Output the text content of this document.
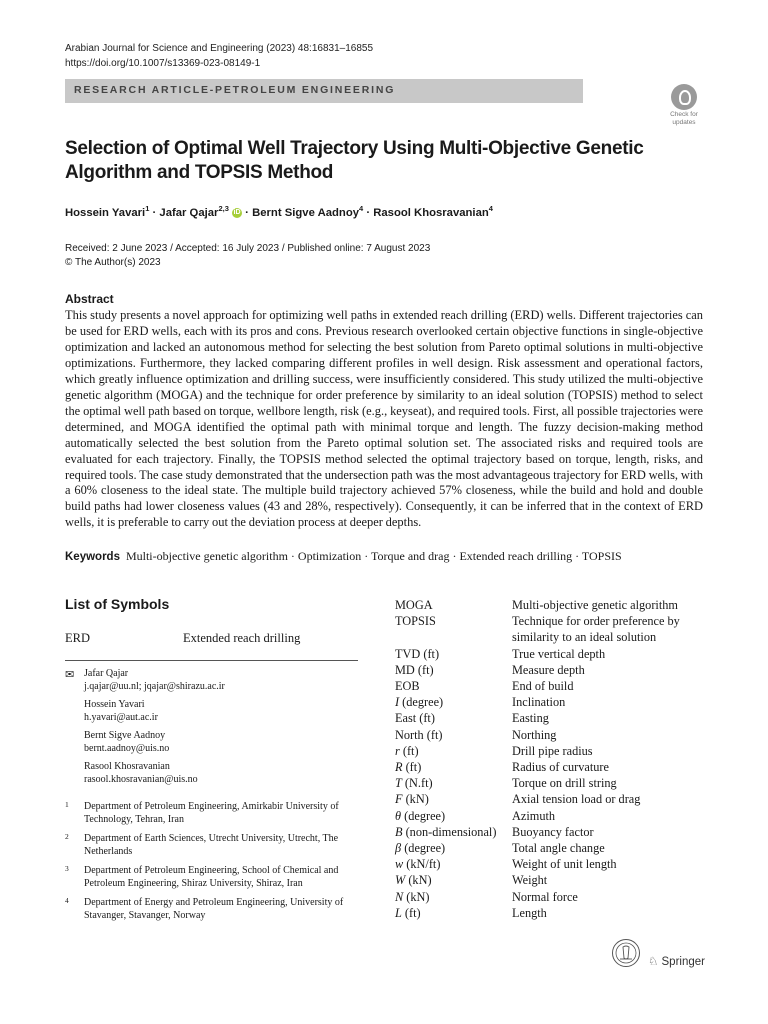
Arabian Journal for Science and Engineering (2023) 48:16831–16855
https://doi.org/10.1007/s13369-023-08149-1
RESEARCH ARTICLE-PETROLEUM ENGINEERING
Check for
updates
Selection of Optimal Well Trajectory Using Multi-Objective Genetic Algorithm and TOPSIS Method
Hossein Yavari$^1$ · Jafar Qajar$^{2,3}$ iD · Bernt Sigve Aadnoy$^4$ · Rasool Khosravanian$^4$
Received: 2 June 2023 / Accepted: 16 July 2023 / Published online: 7 August 2023
© The Author(s) 2023
Abstract
This study presents a novel approach for optimizing well paths in extended reach drilling (ERD) wells. Different trajectories can be used for ERD wells, each with its pros and cons. Previous research overlooked certain objective functions in single-objective optimization and lacked an autonomous method for selecting the best solution from Pareto optimal solutions in multi-objective optimizations. Furthermore, they lacked comparing different profiles in well design. Risk assessment and operational factors, which greatly influence optimization and drilling success, were insufficiently considered. This study utilized the multi-objective genetic algorithm (MOGA) and the technique for order preference by similarity to an ideal solution (TOPSIS) method to select the optimal well path based on torque, wellbore length, risk (e.g., keyseat), and required tools. First, all possible trajectories were determined, and MOGA identified the optimal path with minimal torque and length. The fuzzy decision-making method automatically selected the best solution from the Pareto optimal solution set. The associated risks and required tools are evaluated for each trajectory. Finally, the TOPSIS method selected the optimal trajectory based on torque, length, risks, and required tools. The case study demonstrated that the undersection path was the most advantageous trajectory for ERD wells, with a 60% closeness to the ideal state. The multiple build trajectory achieved 57% closeness, while the build and hold and double build paths had lower closeness values (43 and 28%, respectively). Consequently, it can be inferred that in the context of ERD wells, it is preferable to carry out the deviation process at deeper depths.
Keywords Multi-objective genetic algorithm · Optimization · Torque and drag · Extended reach drilling · TOPSIS
List of Symbols
ERD	Extended reach drilling
✉ Jafar Qajar
j.qajar@uu.nl; jqajar@shirazu.ac.ir
Hossein Yavari
h.yavari@aut.ac.ir
Bernt Sigve Aadnoy
bernt.aadnoy@uis.no
Rasool Khosravanian
rasool.khosravanian@uis.no
1 Department of Petroleum Engineering, Amirkabir University of Technology, Tehran, Iran
2 Department of Earth Sciences, Utrecht University, Utrecht, The Netherlands
3 Department of Petroleum Engineering, School of Chemical and Petroleum Engineering, Shiraz University, Shiraz, Iran
4 Department of Energy and Petroleum Engineering, University of Stavanger, Stavanger, Norway
MOGA	Multi-objective genetic algorithm
TOPSIS	Technique for order preference by similarity to an ideal solution
TVD (ft)	True vertical depth
MD (ft)	Measure depth
EOB	End of build
I (degree)	Inclination
East (ft)	Easting
North (ft)	Northing
r (ft)	Drill pipe radius
R (ft)	Radius of curvature
T (N.ft)	Torque on drill string
F (kN)	Axial tension load or drag
θ (degree)	Azimuth
B (non-dimensional)	Buoyancy factor
β (degree)	Total angle change
w (kN/ft)	Weight of unit length
W (kN)	Weight
N (kN)	Normal force
L (ft)	Length
♘ Springer
